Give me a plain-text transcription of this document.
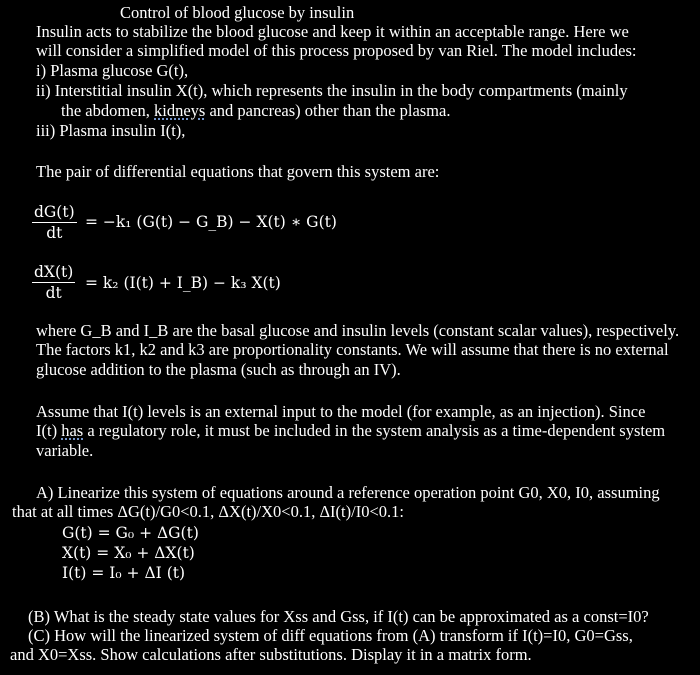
Control of blood glucose by insulin
Insulin acts to stabilize the blood glucose and keep it within an acceptable range. Here we
will consider a simplified model of this process proposed by van Riel. The model includes:
i) Plasma glucose G(t),
ii) Interstitial insulin X(t), which represents the insulin in the body compartments (mainly
the abdomen, kidneys and pancreas) other than the plasma.
iii) Plasma insulin I(t),
The pair of differential equations that govern this system are:
$\frac{dG(t)}{dt} = -k_1$ (G(t) − G_B) − X(t) ∗ G(t)
$\frac{dX(t)}{dt} = k_2$ (I(t) + I_B) − k₃ X(t)
where G_B and I_B are the basal glucose and insulin levels (constant scalar values), respectively.
The factors k1, k2 and k3 are proportionality constants. We will assume that there is no external
glucose addition to the plasma (such as through an IV).
Assume that I(t) levels is an external input to the model (for example, as an injection). Since
I(t) has a regulatory role, it must be included in the system analysis as a time-dependent system
variable.
A) Linearize this system of equations around a reference operation point G0, X0, I0, assuming
that at all times ΔG(t)/G0<0.1, ΔX(t)/X0<0.1, ΔI(t)/I0<0.1:
G(t) = G₀ + ΔG(t)
X(t) = X₀ + ΔX(t)
I(t) = I₀ + ΔI (t)
(B) What is the steady state values for Xss and Gss, if I(t) can be approximated as a const=I0?
(C) How will the linearized system of diff equations from (A) transform if I(t)=I0, G0=Gss,
and X0=Xss. Show calculations after substitutions. Display it in a matrix form.
